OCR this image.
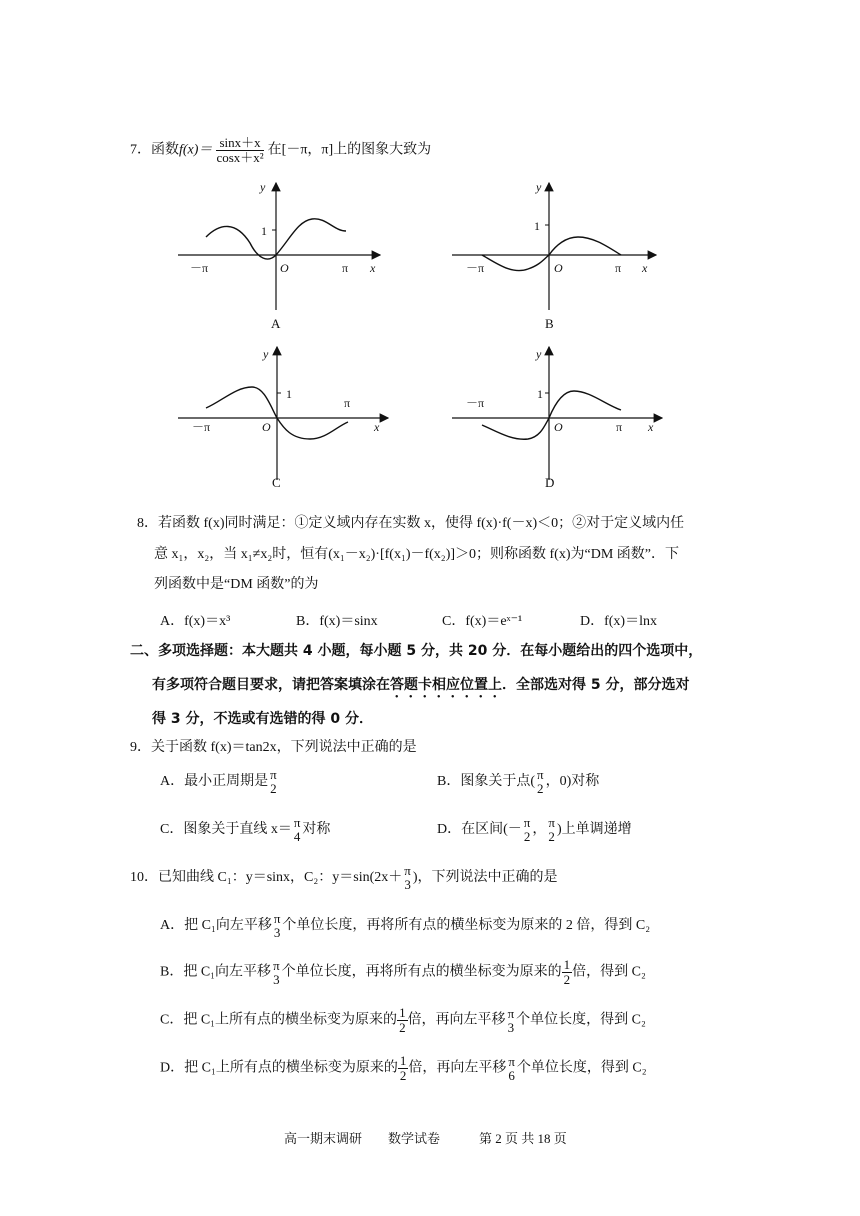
7．函数$f(x)= \frac{\sin x+x}{\text{cosx＋x²}}$ 在[－π，π]上的图象大致为
y
1
－π	O	π x
A
y
1
－π	O	π x
B
y
1
－π	O
π
x
C
y
1
－π
O	π x
D
8．若函数 f(x)同时满足：①定义域内存在实数 x，使得 f(x)·f(－x)＜0；②对于定义域内任
意 x₁，x₂，当 x₁≠x₂时，恒有(x₁－x₂)·[f(x₁)－f(x₂)]＞0；则称函数 f(x)为“DM 函数”．下
列函数中是“DM 函数”的为
A．f(x)＝x³	B．f(x)＝sinx	C．f(x)＝eˣ⁻¹	D．f(x)＝lnx
二、多项选择题：本大题共 4 小题，每小题 5 分，共 20 分．在每小题给出的四个选项中，
有多项符合题目要求，请把答案填涂在答题卡相应位置上．全部选对得 5 分，部分选对
得 3 分，不选或有选错的得 0 分．
9．关于函数 f(x)＝tan2x，下列说法中正确的是
A．最小正周期是 π
2	B．图象关于点( π
2 ，0)对称
C．图象关于直线 x＝ π
4 对称	D．在区间(－ π
2 ， π
2 )上单调递增
10．已知曲线 C₁：y＝sinx，C₂：y＝sin(2x＋ π
3 )，下列说法中正确的是
A．把 C₁向左平移 π
3 个单位长度，再将所有点的横坐标变为原来的 2 倍，得到 C₂
B．把 C₁向左平移 π
3 个单位长度，再将所有点的横坐标变为原来的 $\frac{1}{2}$ 倍，得到 C₂
C．把 C₁上所有点的横坐标变为原来的 $\frac{1}{2}$ 倍，再向左平移 π
3 个单位长度，得到 C₂
D．把 C₁上所有点的横坐标变为原来的 $\frac{1}{2}$ 倍，再向左平移 π
6 个单位长度，得到 C₂
高一期末调研　　数学试卷　　　第 2 页 共 18 页
